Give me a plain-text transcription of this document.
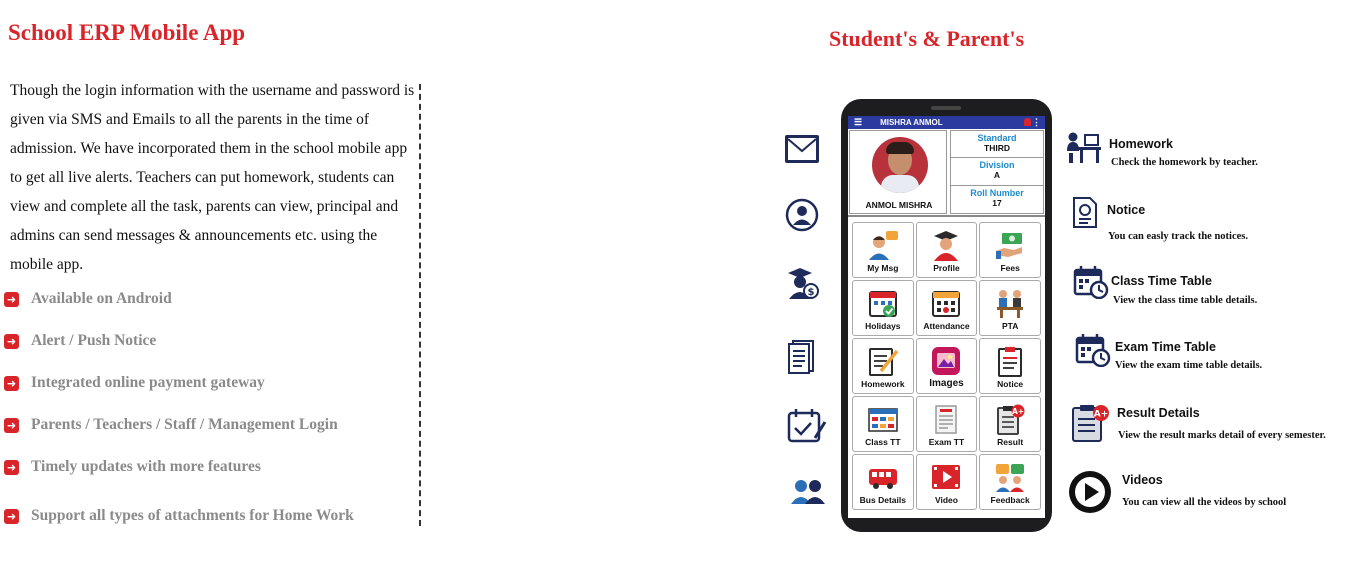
School ERP Mobile App

Though the login information with the username and password is given via SMS and Emails to all the parents in the time of admission. We have incorporated them in the school mobile app to get all live alerts. Teachers can put homework, students can view and complete all the task, parents can view, principal and admins can send messages & announcements etc. using the mobile app.

➜ Available on Android
➜ Alert / Push Notice
➜ Integrated online payment gateway
➜ Parents / Teachers / Staff / Management Login
➜ Timely updates with more features
➜ Support all types of attachments for Home Work
Student's & Parent's
$
Homework
Check the homework by teacher.
Notice
You can easly track the notices.
Class Time Table
View the class time table details.
Exam Time Table
View the exam time table details.
A+ Result Details
View the result marks detail of every semester.
Videos
You can view all the videos by school
☰ MISHRA ANMOL	⋮
ANMOL MISHRA
Standard
THIRD
Division
A
Roll Number
17
My Msg	Profile	Fees
Holidays	Attendance	PTA
Homework Images	Notice
Class TT	Exam TT
A+
Result
Bus Details	Video	Feedback
